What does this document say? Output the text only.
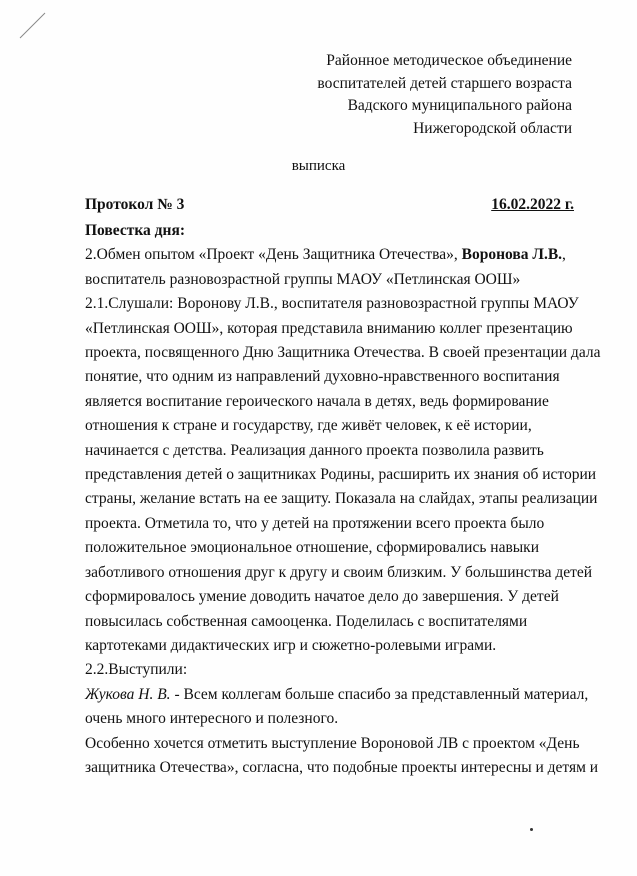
Районное методическое объединение
воспитателей детей старшего возраста
Вадского муниципального района
Нижегородской области
выписка
Протокол № 3	16.02.2022 г.
Повестка дня:
2.Обмен опытом «Проект «День Защитника Отечества», Воронова Л.В.,
воспитатель разновозрастной группы МАОУ «Петлинская ООШ»
2.1.Слушали: Воронову Л.В., воспитателя разновозрастной группы МАОУ
«Петлинская ООШ», которая представила вниманию коллег презентацию
проекта, посвященного Дню Защитника Отечества. В своей презентации дала
понятие, что одним из направлений духовно-нравственного воспитания
является воспитание героического начала в детях, ведь формирование
отношения к стране и государству, где живёт человек, к её истории,
начинается с детства. Реализация данного проекта позволила развить
представления детей о защитниках Родины, расширить их знания об истории
страны, желание встать на ее защиту. Показала на слайдах, этапы реализации
проекта. Отметила то, что у детей на протяжении всего проекта было
положительное эмоциональное отношение, сформировались навыки
заботливого отношения друг к другу и своим близким. У большинства детей
сформировалось умение доводить начатое дело до завершения. У детей
повысилась собственная самооценка. Поделилась с воспитателями
картотеками дидактических игр и сюжетно-ролевыми играми.
2.2.Выступили:
Жукова Н. В. - Всем коллегам больше спасибо за представленный материал,
очень много интересного и полезного.
Особенно хочется отметить выступление Вороновой ЛВ с проектом «День
защитника Отечества», согласна, что подобные проекты интересны и детям и
